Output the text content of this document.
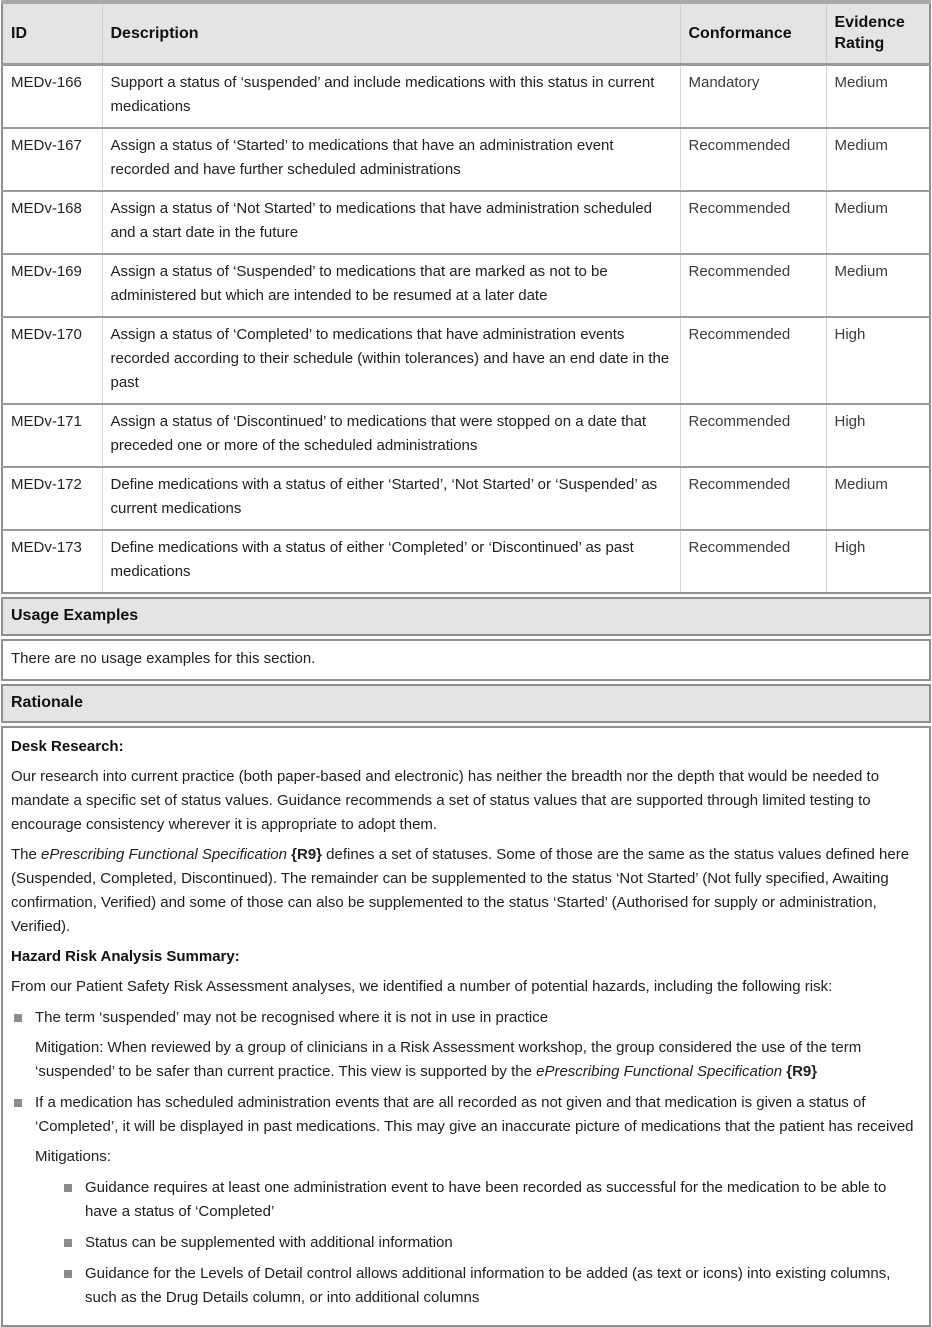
ID	Description	Conformance	Evidence Rating
MEDv-166	Support a status of ‘suspended’ and include medications with this status in current medications	Mandatory	Medium
MEDv-167	Assign a status of ‘Started’ to medications that have an administration event recorded and have further scheduled administrations	Recommended	Medium
MEDv-168	Assign a status of ‘Not Started’ to medications that have administration scheduled and a start date in the future	Recommended	Medium
MEDv-169	Assign a status of ‘Suspended’ to medications that are marked as not to be administered but which are intended to be resumed at a later date	Recommended	Medium
MEDv-170	Assign a status of ‘Completed’ to medications that have administration events recorded according to their schedule (within tolerances) and have an end date in the past	Recommended	High
MEDv-171	Assign a status of ‘Discontinued’ to medications that were stopped on a date that preceded one or more of the scheduled administrations	Recommended	High
MEDv-172	Define medications with a status of either ‘Started’, ‘Not Started’ or ‘Suspended’ as current medications	Recommended	Medium
MEDv-173	Define medications with a status of either ‘Completed’ or ‘Discontinued’ as past medications	Recommended	High
Usage Examples
There are no usage examples for this section.
Rationale

Desk Research:

Our research into current practice (both paper-based and electronic) has neither the breadth nor the depth that would be needed to mandate a specific set of status values. Guidance recommends a set of status values that are supported through limited testing to encourage consistency wherever it is appropriate to adopt them.

The ePrescribing Functional Specification {R9} defines a set of statuses. Some of those are the same as the status values defined here (Suspended, Completed, Discontinued). The remainder can be supplemented to the status ‘Not Started’ (Not fully specified, Awaiting confirmation, Verified) and some of those can also be supplemented to the status ‘Started’ (Authorised for supply or administration, Verified).

Hazard Risk Analysis Summary:

From our Patient Safety Risk Assessment analyses, we identified a number of potential hazards, including the following risk:

The term ‘suspended’ may not be recognised where it is not in use in practice

Mitigation: When reviewed by a group of clinicians in a Risk Assessment workshop, the group considered the use of the term ‘suspended’ to be safer than current practice. This view is supported by the ePrescribing Functional Specification {R9}

If a medication has scheduled administration events that are all recorded as not given and that medication is given a status of ‘Completed’, it will be displayed in past medications. This may give an inaccurate picture of medications that the patient has received

Mitigations:

Guidance requires at least one administration event to have been recorded as successful for the medication to be able to have a status of ‘Completed’

Status can be supplemented with additional information

Guidance for the Levels of Detail control allows additional information to be added (as text or icons) into existing columns, such as the Drug Details column, or into additional columns
